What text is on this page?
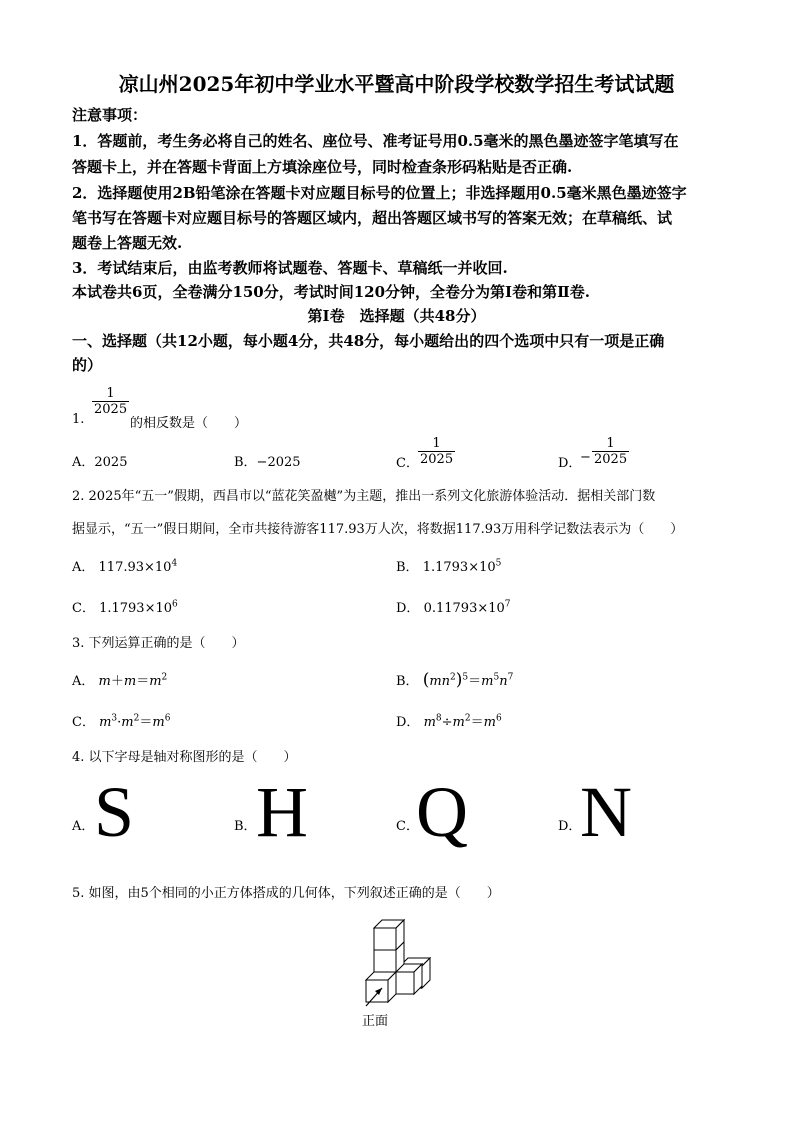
凉山州2025年初中学业水平暨高中阶段学校数学招生考试试题
注意事项：
1．答题前，考生务必将自己的姓名、座位号、准考证号用0.5毫米的黑色墨迹签字笔填写在
答题卡上，并在答题卡背面上方填涂座位号，同时检查条形码粘贴是否正确.
2．选择题使用2B铅笔涂在答题卡对应题目标号的位置上；非选择题用0.5毫米黑色墨迹签字
笔书写在答题卡对应题目标号的答题区域内，超出答题区域书写的答案无效；在草稿纸、试
题卷上答题无效.
3．考试结束后，由监考教师将试题卷、答题卡、草稿纸一并收回.
本试卷共6页，全卷满分150分，考试时间120分钟，全卷分为第Ⅰ卷和第Ⅱ卷.
第Ⅰ卷　选择题（共48分）
一、选择题（共12小题，每小题4分，共48分，每小题给出的四个选项中只有一项是正确
的）
1.
$\frac{1}{2025}$
的相反数是（　　）
A．2025	B．−2025	C． $\frac{1}{2025}$	D．
− $\frac{1}{2025}$
2. 2025年“五一”假期，西昌市以“蓝花笑盈樾”为主题，推出一系列文化旅游体验活动．据相关部门数
据显示，“五一”假日期间，全市共接待游客117.93万人次，将数据117.93万用科学记数法表示为（　　）
A． $117.93\times 10^4$	B． $1.1793\times 10^5$
C． $1.1793\times 10^6$	D． $0.11793\times 10^7$
3. 下列运算正确的是（　　）
A． $m+m=m^2$	B． $(mn^2)^5=m^5n^7$
C． $m^3\cdot m^2=m^6$	D． $m^8\div m^2=m^6$
4. 以下字母是轴对称图形的是（　　）
A． S	B． H	C．
Q	D．
N
5. 如图，由5个相同的小正方体搭成的几何体，下列叙述正确的是（　　）
正面
